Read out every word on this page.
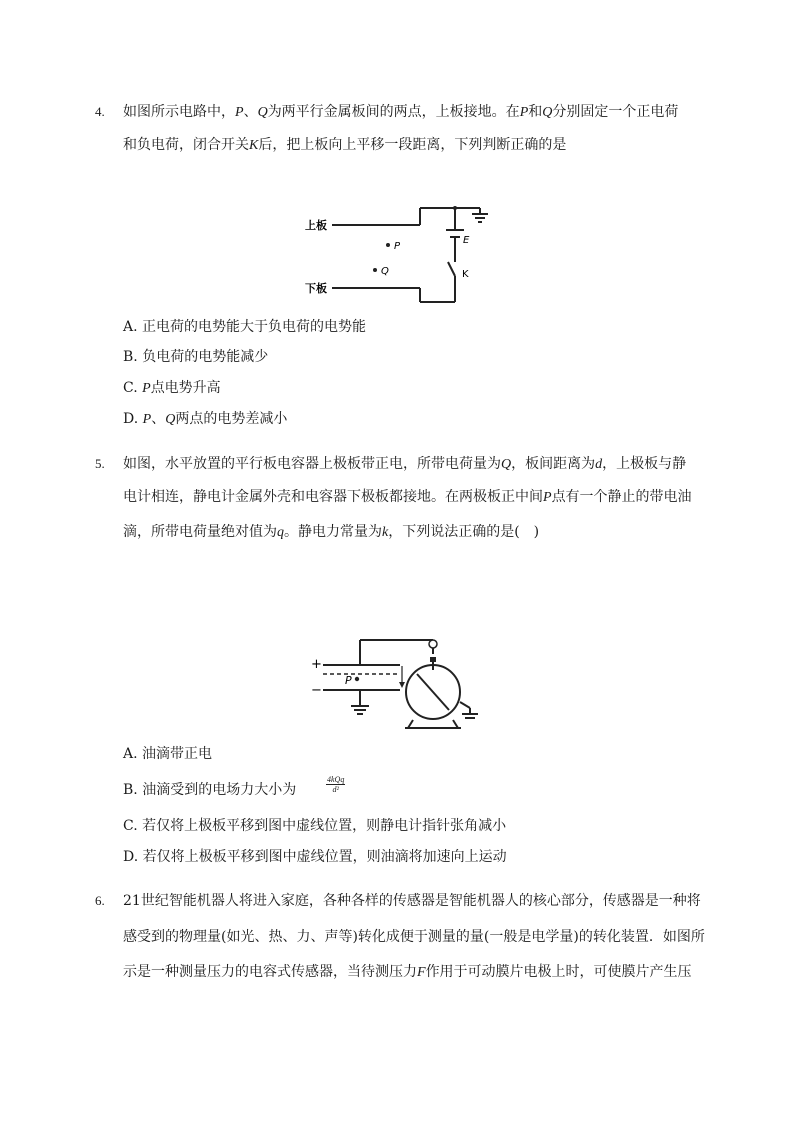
4. 如图所示电路中，P、Q为两平行金属板间的两点，上板接地。在P和Q分别固定一个正电荷
和负电荷，闭合开关K后，把上板向上平移一段距离，下列判断正确的是
上板
下板
P
Q
E
K
A. 正电荷的电势能大于负电荷的电势能
B. 负电荷的电势能减少
C. P点电势升高
D. P、Q两点的电势差减小
5. 如图，水平放置的平行板电容器上极板带正电，所带电荷量为Q，板间距离为d，上极板与静
电计相连，静电计金属外壳和电容器下极板都接地。在两极板正中间P点有一个静止的带电油
滴，所带电荷量绝对值为q。静电力常量为k，下列说法正确的是(　)
+
−
P
A. 油滴带正电
B. 油滴受到的电场力大小为
4kQq
d²
C. 若仅将上极板平移到图中虚线位置，则静电计指针张角减小
D. 若仅将上极板平移到图中虚线位置，则油滴将加速向上运动
6. 21世纪智能机器人将进入家庭，各种各样的传感器是智能机器人的核心部分，传感器是一种将
感受到的物理量(如光、热、力、声等)转化成便于测量的量(一般是电学量)的转化装置．如图所
示是一种测量压力的电容式传感器，当待测压力F作用于可动膜片电极上时，可使膜片产生压
